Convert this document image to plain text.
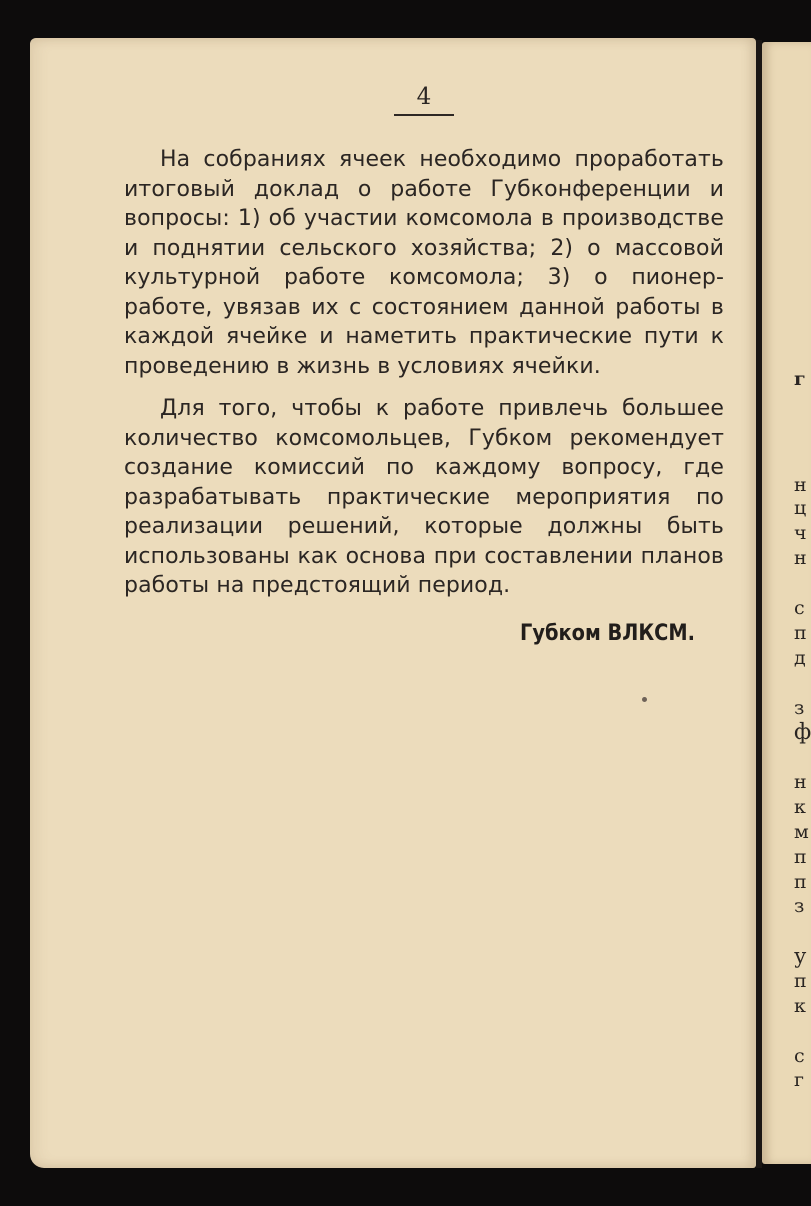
4

На собраниях ячеек необходимо проработать итоговый доклад о работе Губконференции и вопросы: 1) об участии комсомола в производстве и поднятии сельского хозяйства; 2) о массовой культурной работе комсомола; 3) о пионер-работе, увязав их с состоянием данной работы в каждой ячейке и наметить практические пути к проведению в жизнь в условиях ячейки.

Для того, чтобы к работе привлечь большее количество комсомольцев, Губком рекомендует создание комиссий по каждому вопросу, где разрабатывать практические мероприятия по реализации решений, которые должны быть использованы как основа при составлении планов работы на предстоящий период.

Губком ВЛКСМ.
г
н
ц
ч
н
с
п
д
з
ф
н
к
м
п
п
з
у
п
к
с
г
